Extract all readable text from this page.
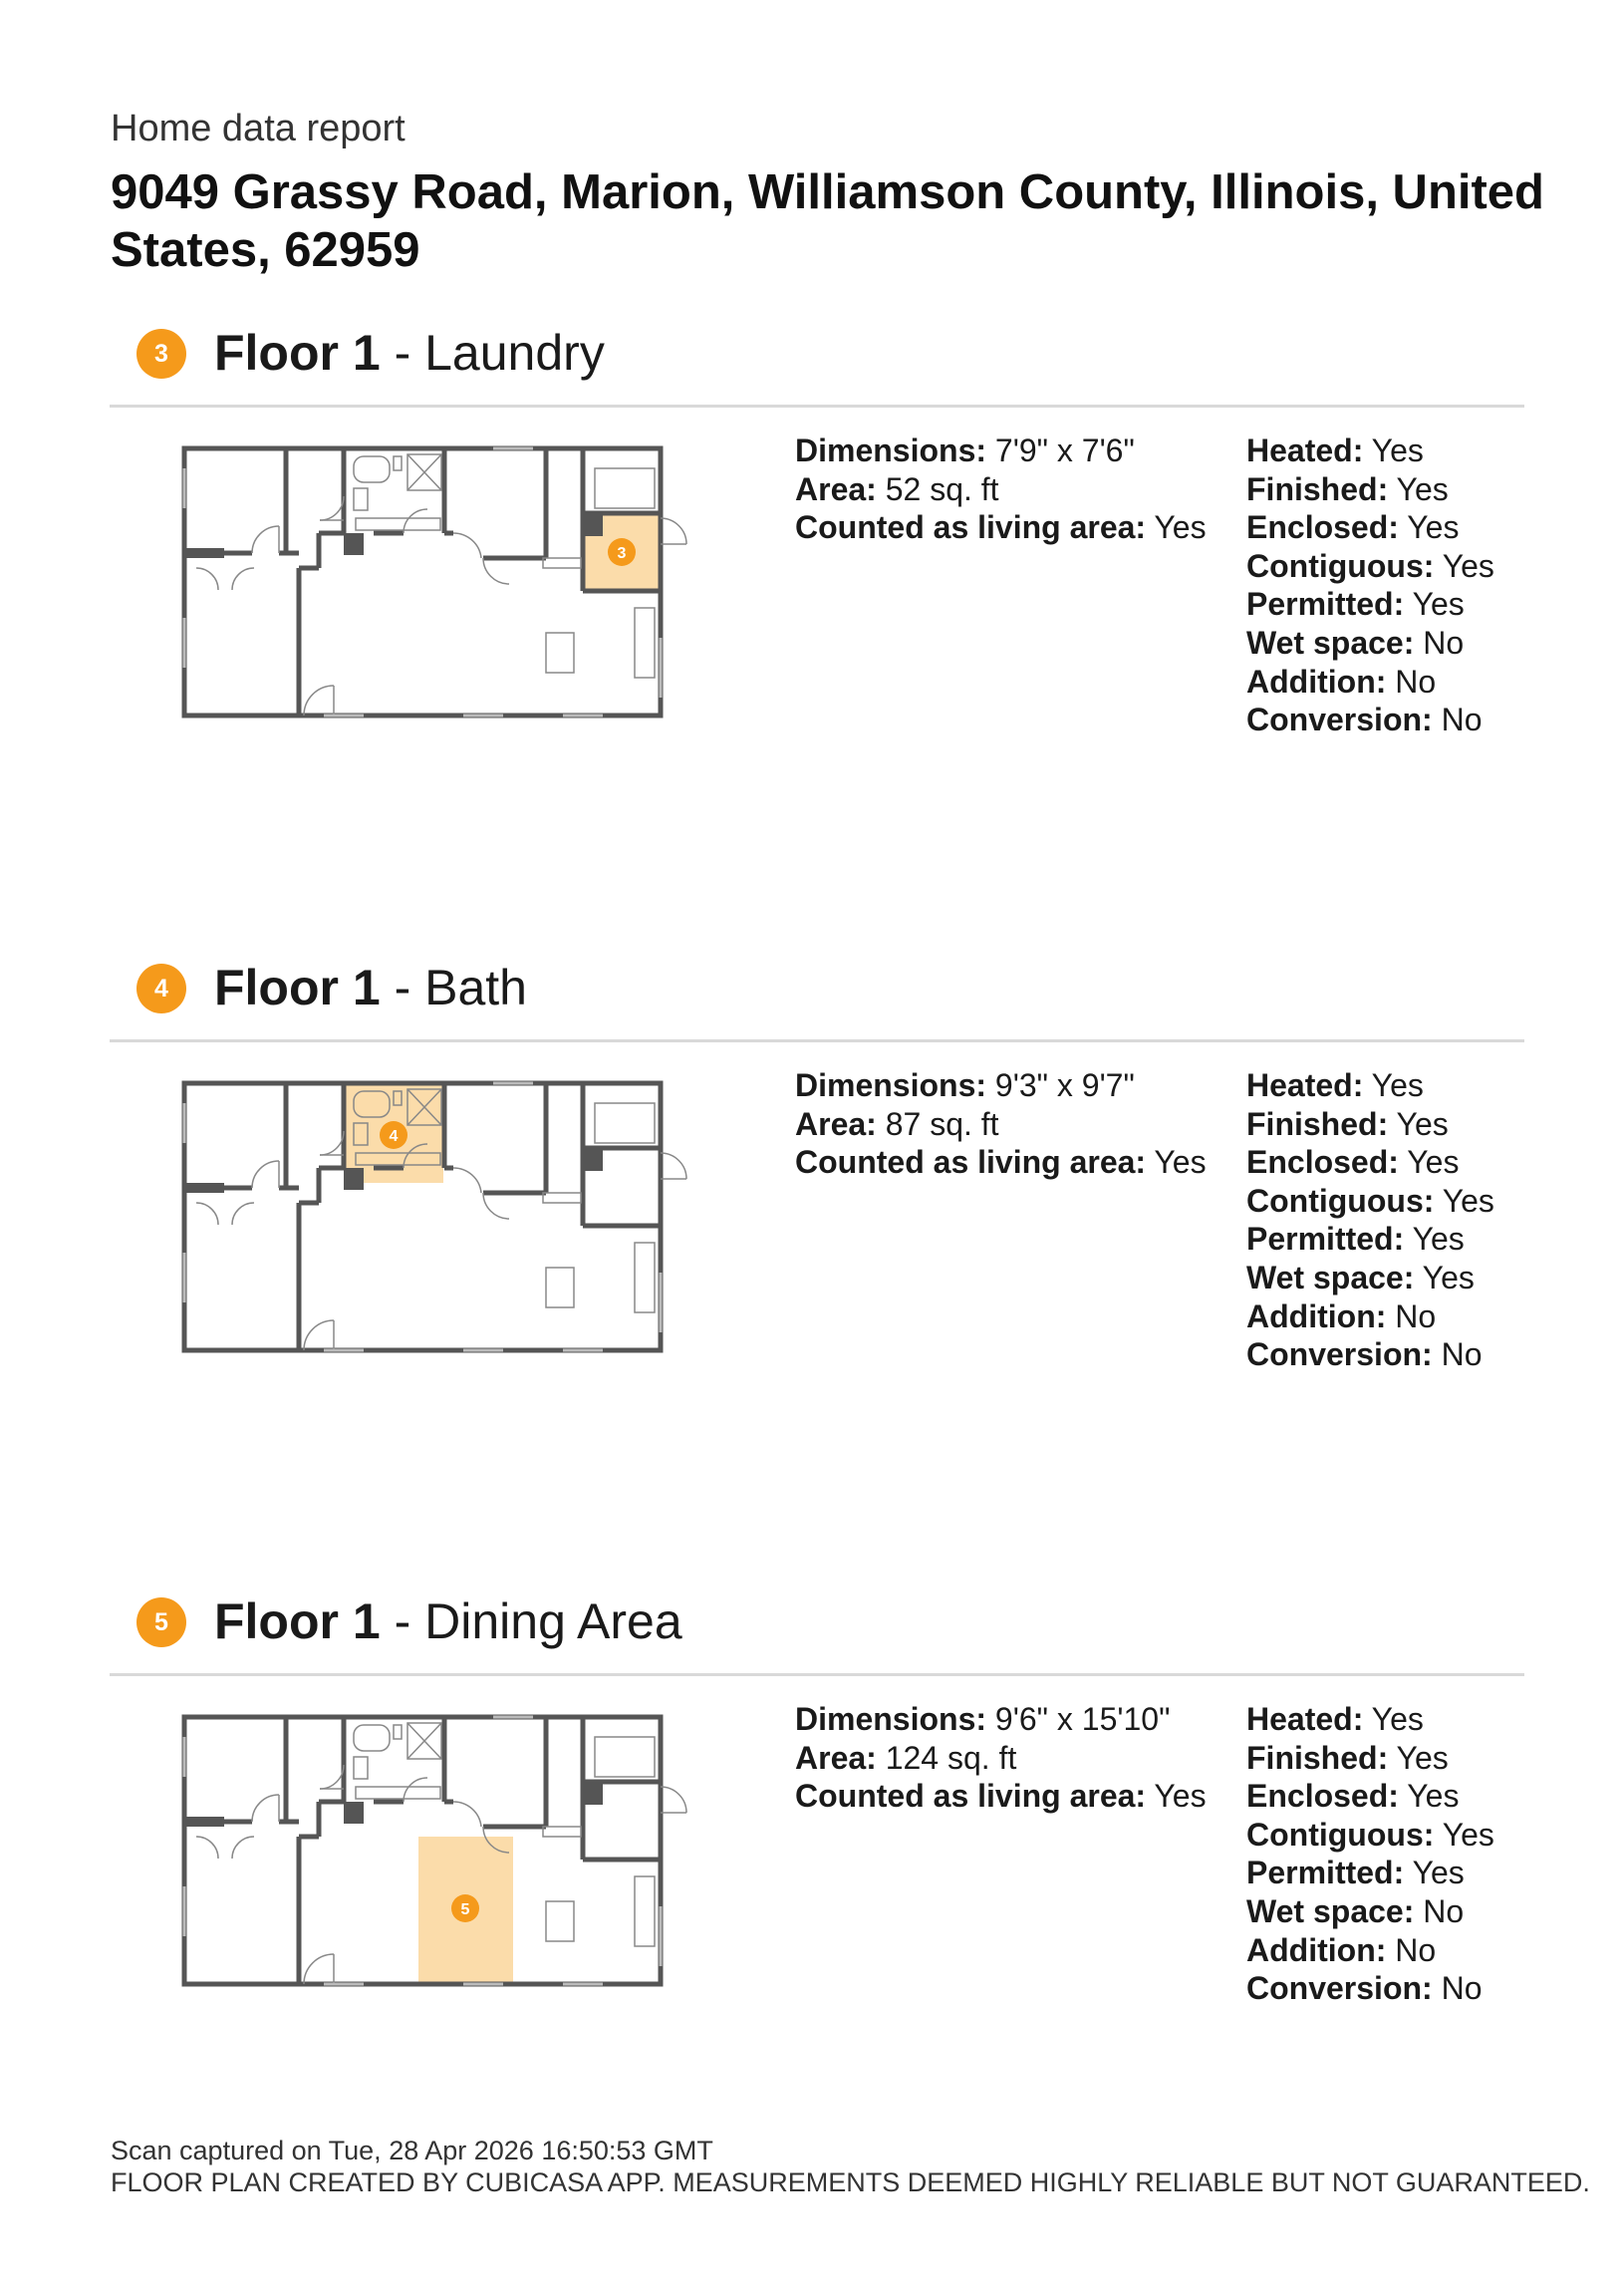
Home data report
9049 Grassy Road, Marion, Williamson County, Illinois, United States, 62959
3 Floor 1 - Laundry
3
Dimensions: 7'9" x 7'6"
Area: 52 sq. ft
Counted as living area: Yes
Heated: Yes
Finished: Yes
Enclosed: Yes
Contiguous: Yes
Permitted: Yes
Wet space: No
Addition: No
Conversion: No
4 Floor 1 - Bath
4
Dimensions: 9'3" x 9'7"
Area: 87 sq. ft
Counted as living area: Yes
Heated: Yes
Finished: Yes
Enclosed: Yes
Contiguous: Yes
Permitted: Yes
Wet space: Yes
Addition: No
Conversion: No
5 Floor 1 - Dining Area
5
Dimensions: 9'6" x 15'10"
Area: 124 sq. ft
Counted as living area: Yes
Heated: Yes
Finished: Yes
Enclosed: Yes
Contiguous: Yes
Permitted: Yes
Wet space: No
Addition: No
Conversion: No
Scan captured on Tue, 28 Apr 2026 16:50:53 GMT
FLOOR PLAN CREATED BY CUBICASA APP. MEASUREMENTS DEEMED HIGHLY RELIABLE BUT NOT GUARANTEED.
